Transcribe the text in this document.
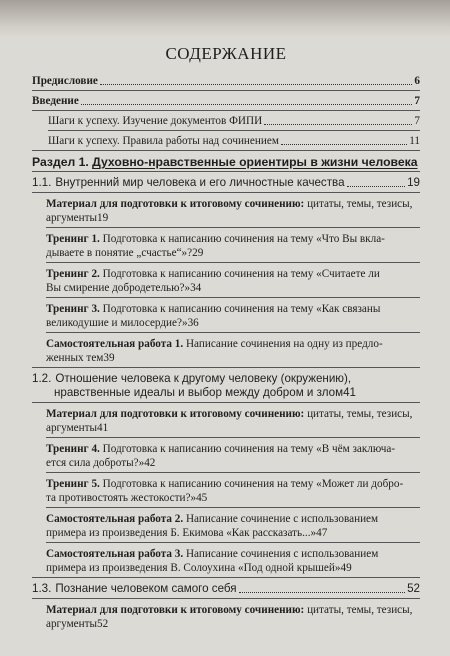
СОДЕРЖАНИЕ
Предисловие	6
Введение	7
Шаги к успеху. Изучение документов ФИПИ	7
Шаги к успеху. Правила работы над сочинением	11
Раздел 1. Духовно-нравственные ориентиры в жизни человека
1.1. Внутренний мир человека и его личностные качества	19
Материал для подготовки к итоговому сочинению: цитаты, темы, тезисы,
аргументы 19
Тренинг 1. Подготовка к написанию сочинения на тему «Что Вы вкла-
дываете в понятие „счастье“»? 29
Тренинг 2. Подготовка к написанию сочинения на тему «Считаете ли
Вы смирение добродетелью?» 34
Тренинг 3. Подготовка к написанию сочинения на тему «Как связаны
великодушие и милосердие?» 36
Самостоятельная работа 1. Написание сочинения на одну из предло-
женных тем 39
1.2. Отношение человека к другому человеку (окружению),
нравственные идеалы и выбор между добром и злом 41
Материал для подготовки к итоговому сочинению: цитаты, темы, тезисы,
аргументы 41
Тренинг 4. Подготовка к написанию сочинения на тему «В чём заключа-
ется сила доброты?» 42
Тренинг 5. Подготовка к написанию сочинения на тему «Может ли добро-
та противостоять жестокости?» 45
Самостоятельная работа 2. Написание сочинение с использованием
примера из произведения Б. Екимова «Как рассказать...» 47
Самостоятельная работа 3. Написание сочинения с использованием
примера из произведения В. Солоухина «Под одной крышей» 49
1.3. Познание человеком самого себя	52
Материал для подготовки к итоговому сочинению: цитаты, темы, тезисы,
аргументы 52
